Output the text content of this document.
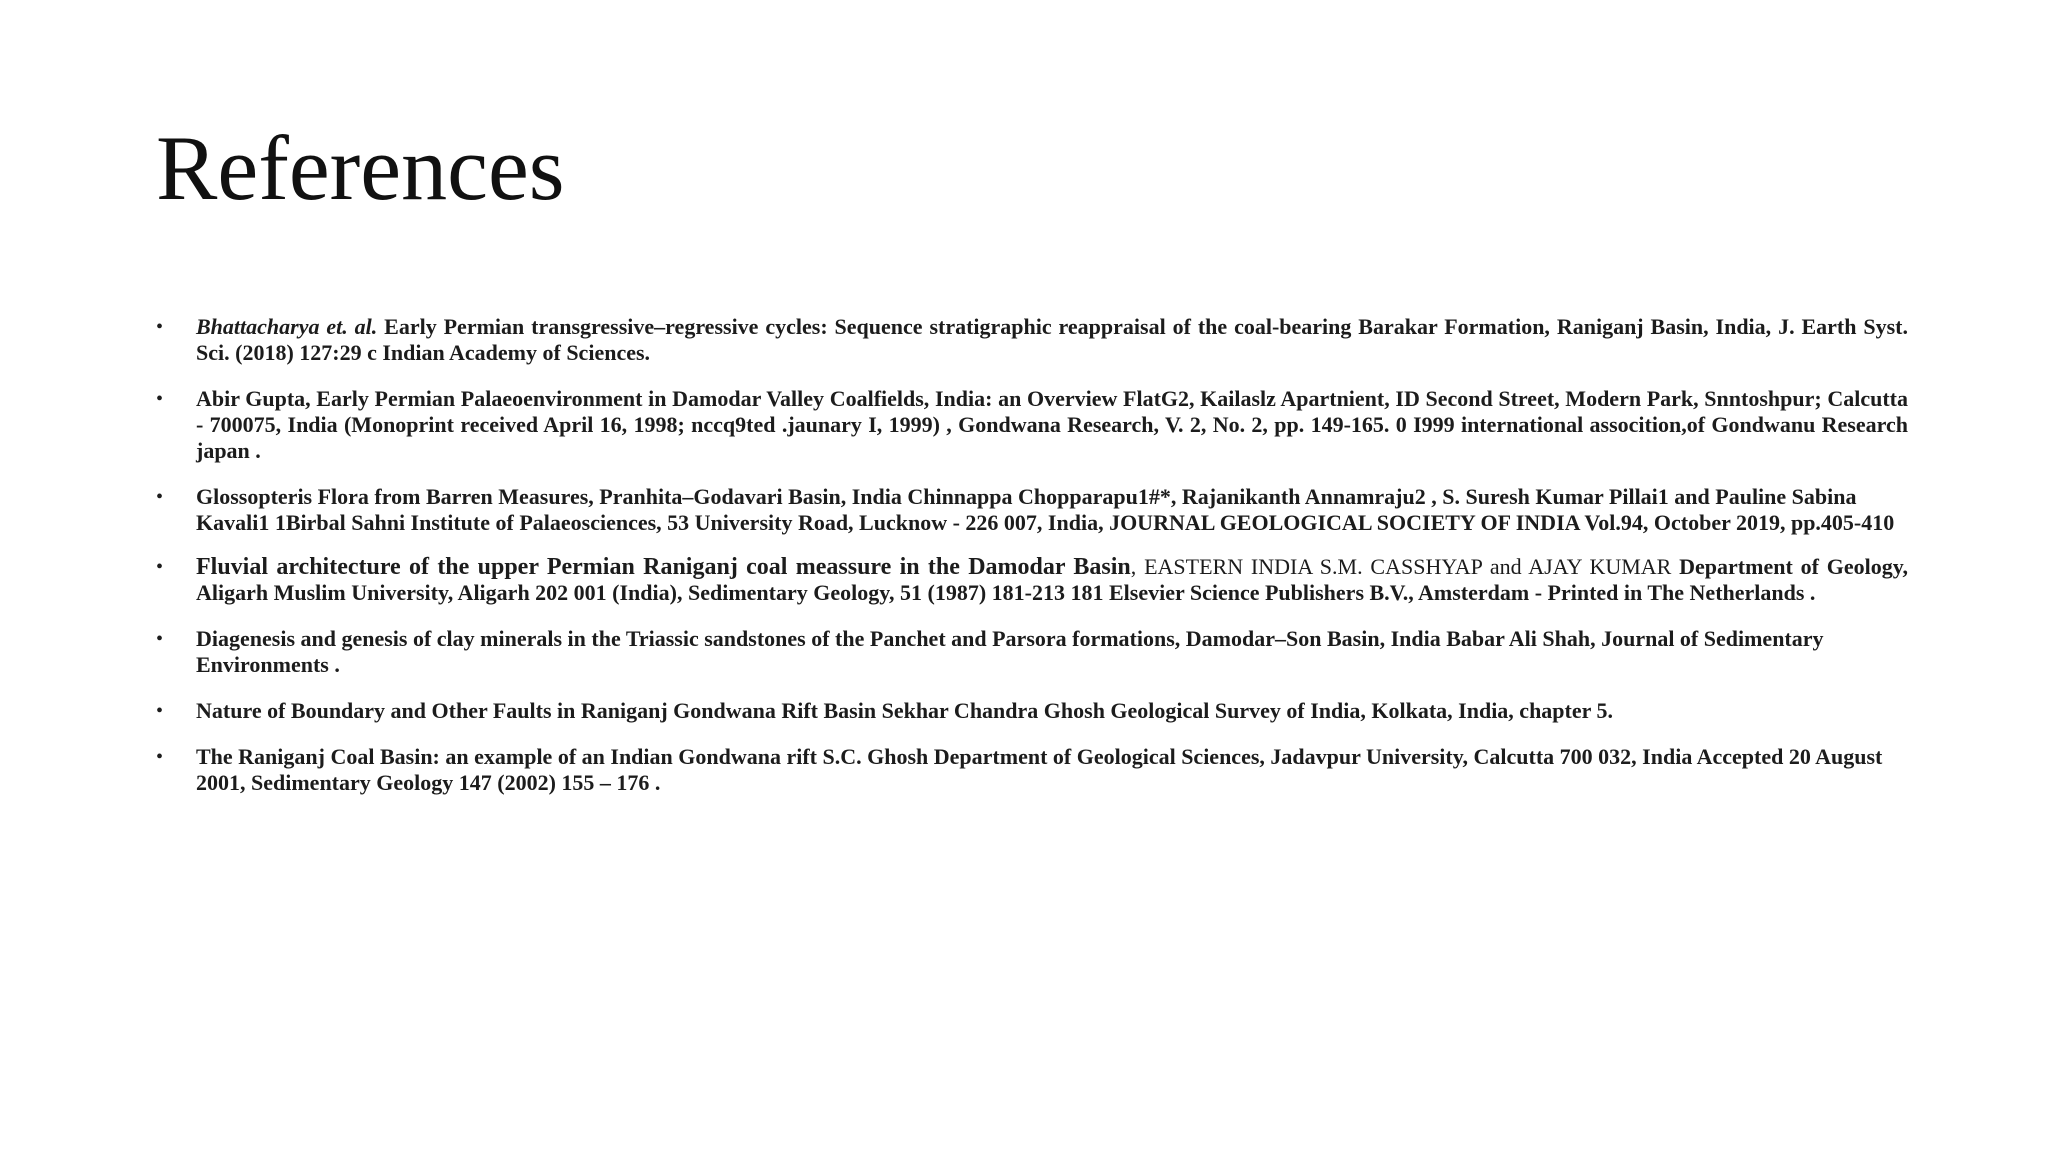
References
• Bhattacharya et. al. Early Permian transgressive–regressive cycles: Sequence stratigraphic reappraisal of the coal-bearing Barakar Formation, Raniganj Basin, India, J. Earth Syst. Sci. (2018) 127:29 c Indian Academy of Sciences.
• Abir Gupta, Early Permian Palaeoenvironment in Damodar Valley Coalfields, India: an Overview FlatG2, Kailaslz Apartnient, ID Second Street, Modern Park, Snntoshpur; Calcutta - 700075, India (Monoprint received April 16, 1998; nccq9ted .jaunary I, 1999) , Gondwana Research, V. 2, No. 2, pp. 149-165. 0 I999 international assocition,of Gondwanu Research japan .
• Glossopteris Flora from Barren Measures, Pranhita–Godavari Basin, India Chinnappa Chopparapu1#*, Rajanikanth Annamraju2 , S. Suresh Kumar Pillai1 and Pauline Sabina Kavali1 1Birbal Sahni Institute of Palaeosciences, 53 University Road, Lucknow - 226 007, India, JOURNAL GEOLOGICAL SOCIETY OF INDIA Vol.94, October 2019, pp.405-410
• Fluvial architecture of the upper Permian Raniganj coal meassure in the Damodar Basin, EASTERN INDIA S.M. CASSHYAP and AJAY KUMAR Department of Geology, Aligarh Muslim University, Aligarh 202 001 (India), Sedimentary Geology, 51 (1987) 181-213 181 Elsevier Science Publishers B.V., Amsterdam - Printed in The Netherlands .
• Diagenesis and genesis of clay minerals in the Triassic sandstones of the Panchet and Parsora formations, Damodar–Son Basin, India Babar Ali Shah, Journal of Sedimentary Environments .
• Nature of Boundary and Other Faults in Raniganj Gondwana Rift Basin Sekhar Chandra Ghosh Geological Survey of India, Kolkata, India, chapter 5.
• The Raniganj Coal Basin: an example of an Indian Gondwana rift S.C. Ghosh Department of Geological Sciences, Jadavpur University, Calcutta 700 032, India Accepted 20 August 2001, Sedimentary Geology 147 (2002) 155 – 176 .
